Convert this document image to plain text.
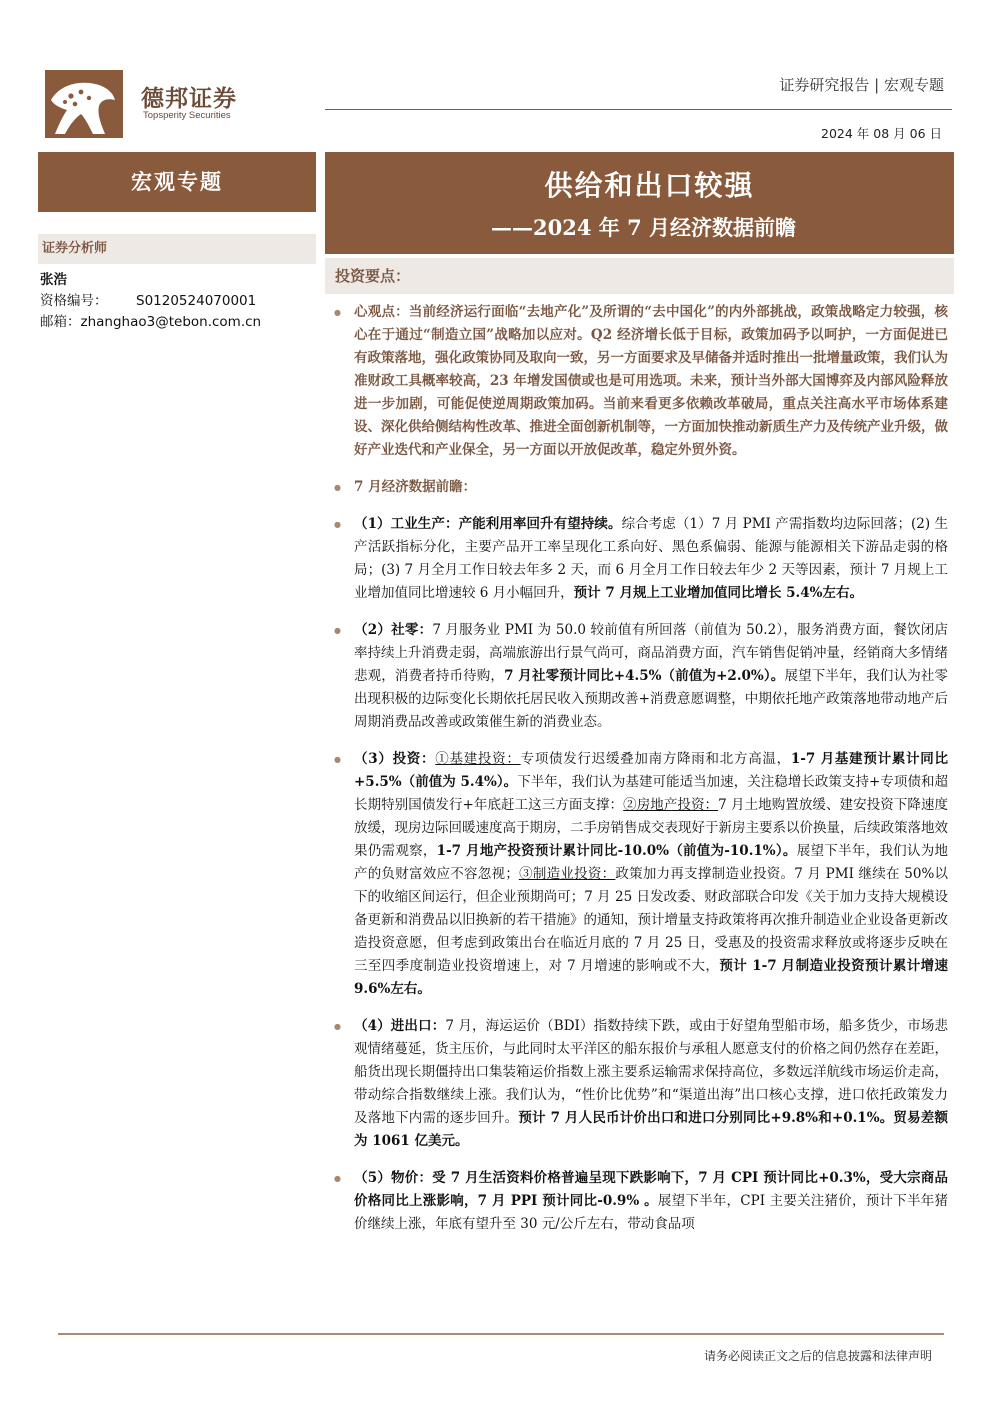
德邦证券
Topsperity Securities
证券研究报告 | 宏观专题
2024 年 08 月 06 日
宏观专题
证券分析师
张浩
资格编号： S0120524070001
邮箱：zhanghao3@tebon.com.cn
供给和出口较强
——2024 年 7 月经济数据前瞻
投资要点：

● 心观点：当前经济运行面临“去地产化”及所谓的“去中国化”的内外部挑战，政策战略定力较强，核心在于通过“制造立国”战略加以应对。Q2 经济增长低于目标，政策加码予以呵护，一方面促进已有政策落地，强化政策协同及取向一致，另一方面要求及早储备并适时推出一批增量政策，我们认为准财政工具概率较高，23 年增发国债或也是可用选项。未来，预计当外部大国博弈及内部风险释放进一步加剧，可能促使逆周期政策加码。当前来看更多依赖改革破局，重点关注高水平市场体系建设、深化供给侧结构性改革、推进全面创新机制等，一方面加快推动新质生产力及传统产业升级，做好产业迭代和产业保全，另一方面以开放促改革，稳定外贸外资。

● 7 月经济数据前瞻：

● （1）工业生产：产能利用率回升有望持续。综合考虑（1）7 月 PMI 产需指数均边际回落；(2) 生产活跃指标分化，主要产品开工率呈现化工系向好、黑色系偏弱、能源与能源相关下游品走弱的格局；(3) 7 月全月工作日较去年多 2 天，而 6 月全月工作日较去年少 2 天等因素，预计 7 月规上工业增加值同比增速较 6 月小幅回升，预计 7 月规上工业增加值同比增长 5.4%左右。

● （2）社零：7 月服务业 PMI 为 50.0 较前值有所回落（前值为 50.2），服务消费方面，餐饮闭店率持续上升消费走弱，高端旅游出行景气尚可，商品消费方面，汽车销售促销冲量，经销商大多情绪悲观，消费者持币待购，7 月社零预计同比+4.5%（前值为+2.0%）。展望下半年，我们认为社零出现积极的边际变化长期依托居民收入预期改善+消费意愿调整，中期依托地产政策落地带动地产后周期消费品改善或政策催生新的消费业态。

● （3）投资：①基建投资：专项债发行迟缓叠加南方降雨和北方高温，1-7 月基建预计累计同比+5.5%（前值为 5.4%）。下半年，我们认为基建可能适当加速，关注稳增长政策支持+专项债和超长期特别国债发行+年底赶工这三方面支撑：②房地产投资：7 月土地购置放缓、建安投资下降速度放缓，现房边际回暖速度高于期房，二手房销售成交表现好于新房主要系以价换量，后续政策落地效果仍需观察，1-7 月地产投资预计累计同比-10.0%（前值为-10.1%）。展望下半年，我们认为地产的负财富效应不容忽视；③制造业投资：政策加力再支撑制造业投资。7 月 PMI 继续在 50%以下的收缩区间运行，但企业预期尚可；7 月 25 日发改委、财政部联合印发《关于加力支持大规模设备更新和消费品以旧换新的若干措施》的通知，预计增量支持政策将再次推升制造业企业设备更新改造投资意愿，但考虑到政策出台在临近月底的 7 月 25 日，受惠及的投资需求释放或将逐步反映在三至四季度制造业投资增速上，对 7 月增速的影响或不大，预计 1-7 月制造业投资预计累计增速 9.6%左右。

● （4）进出口：7 月，海运运价（BDI）指数持续下跌，或由于好望角型船市场，船多货少，市场悲观情绪蔓延，货主压价，与此同时太平洋区的船东报价与承租人愿意支付的价格之间仍然存在差距，船货出现长期僵持出口集装箱运价指数上涨主要系运输需求保持高位，多数远洋航线市场运价走高，带动综合指数继续上涨。我们认为，“性价比优势”和“渠道出海”出口核心支撑，进口依托政策发力及落地下内需的逐步回升。预计 7 月人民币计价出口和进口分别同比+9.8%和+0.1%。贸易差额为 1061 亿美元。

● （5）物价：受 7 月生活资料价格普遍呈现下跌影响下，7 月 CPI 预计同比+0.3%，受大宗商品价格同比上涨影响，7 月 PPI 预计同比-0.9% 。展望下半年，CPI 主要关注猪价，预计下半年猪价继续上涨，年底有望升至 30 元/公斤左右，带动食品项

请务必阅读正文之后的信息披露和法律声明
